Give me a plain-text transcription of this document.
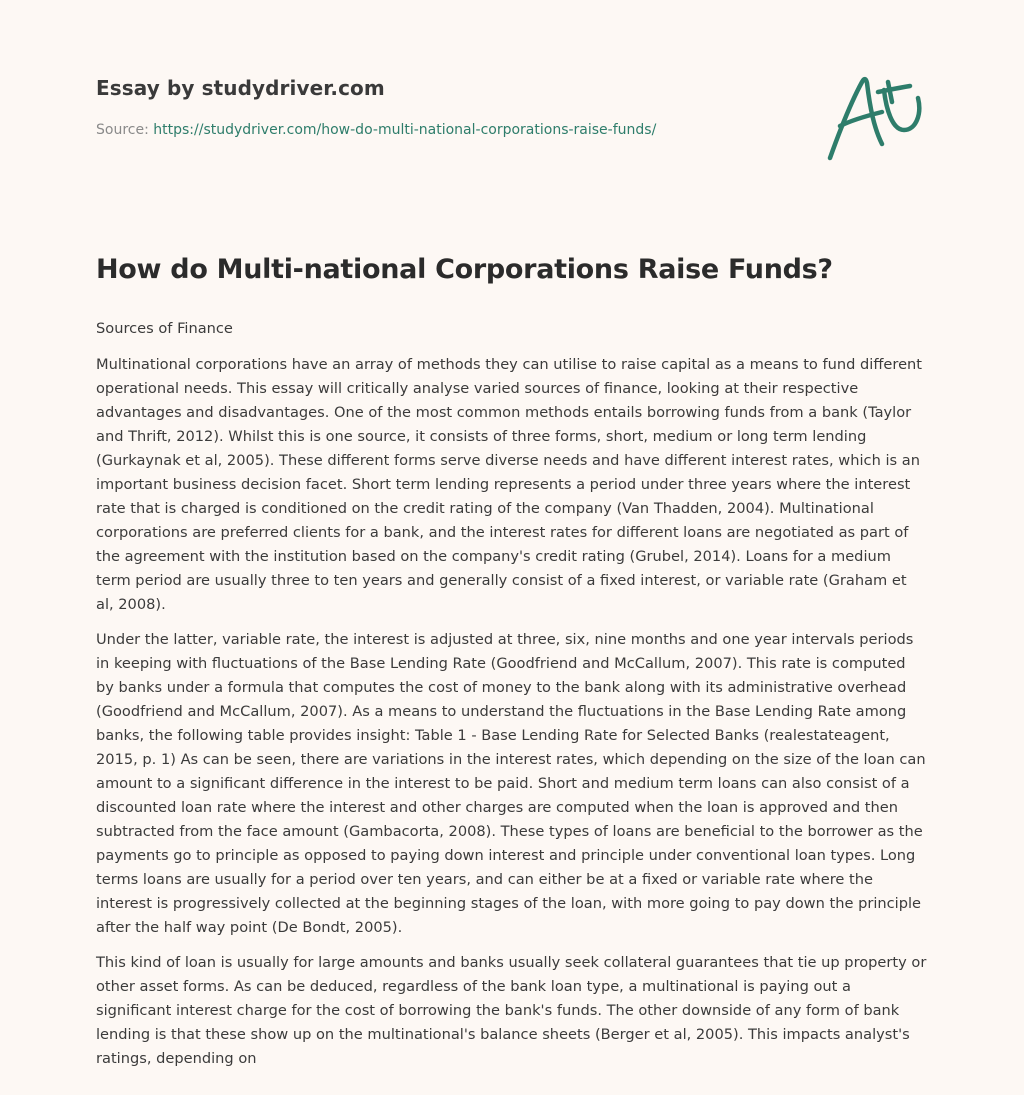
Essay by studydriver.com
Source: https://studydriver.com/how-do-multi-national-corporations-raise-funds/
How do Multi-national Corporations Raise Funds?
Sources of Finance

Multinational corporations have an array of methods they can utilise to raise capital as a means to fund different operational needs. This essay will critically analyse varied sources of finance, looking at their respective advantages and disadvantages. One of the most common methods entails borrowing funds from a bank (Taylor and Thrift, 2012). Whilst this is one source, it consists of three forms, short, medium or long term lending (Gurkaynak et al, 2005). These different forms serve diverse needs and have different interest rates, which is an important business decision facet. Short term lending represents a period under three years where the interest rate that is charged is conditioned on the credit rating of the company (Van Thadden, 2004). Multinational corporations are preferred clients for a bank, and the interest rates for different loans are negotiated as part of the agreement with the institution based on the company's credit rating (Grubel, 2014). Loans for a medium term period are usually three to ten years and generally consist of a fixed interest, or variable rate (Graham et al, 2008).

Under the latter, variable rate, the interest is adjusted at three, six, nine months and one year intervals periods in keeping with fluctuations of the Base Lending Rate (Goodfriend and McCallum, 2007). This rate is computed by banks under a formula that computes the cost of money to the bank along with its administrative overhead (Goodfriend and McCallum, 2007). As a means to understand the fluctuations in the Base Lending Rate among banks, the following table provides insight: Table 1 - Base Lending Rate for Selected Banks (realestateagent, 2015, p. 1) As can be seen, there are variations in the interest rates, which depending on the size of the loan can amount to a significant difference in the interest to be paid. Short and medium term loans can also consist of a discounted loan rate where the interest and other charges are computed when the loan is approved and then subtracted from the face amount (Gambacorta, 2008). These types of loans are beneficial to the borrower as the payments go to principle as opposed to paying down interest and principle under conventional loan types. Long terms loans are usually for a period over ten years, and can either be at a fixed or variable rate where the interest is progressively collected at the beginning stages of the loan, with more going to pay down the principle after the half way point (De Bondt, 2005).

This kind of loan is usually for large amounts and banks usually seek collateral guarantees that tie up property or other asset forms. As can be deduced, regardless of the bank loan type, a multinational is paying out a significant interest charge for the cost of borrowing the bank's funds. The other downside of any form of bank lending is that these show up on the multinational's balance sheets (Berger et al, 2005). This impacts analyst's ratings, depending on
